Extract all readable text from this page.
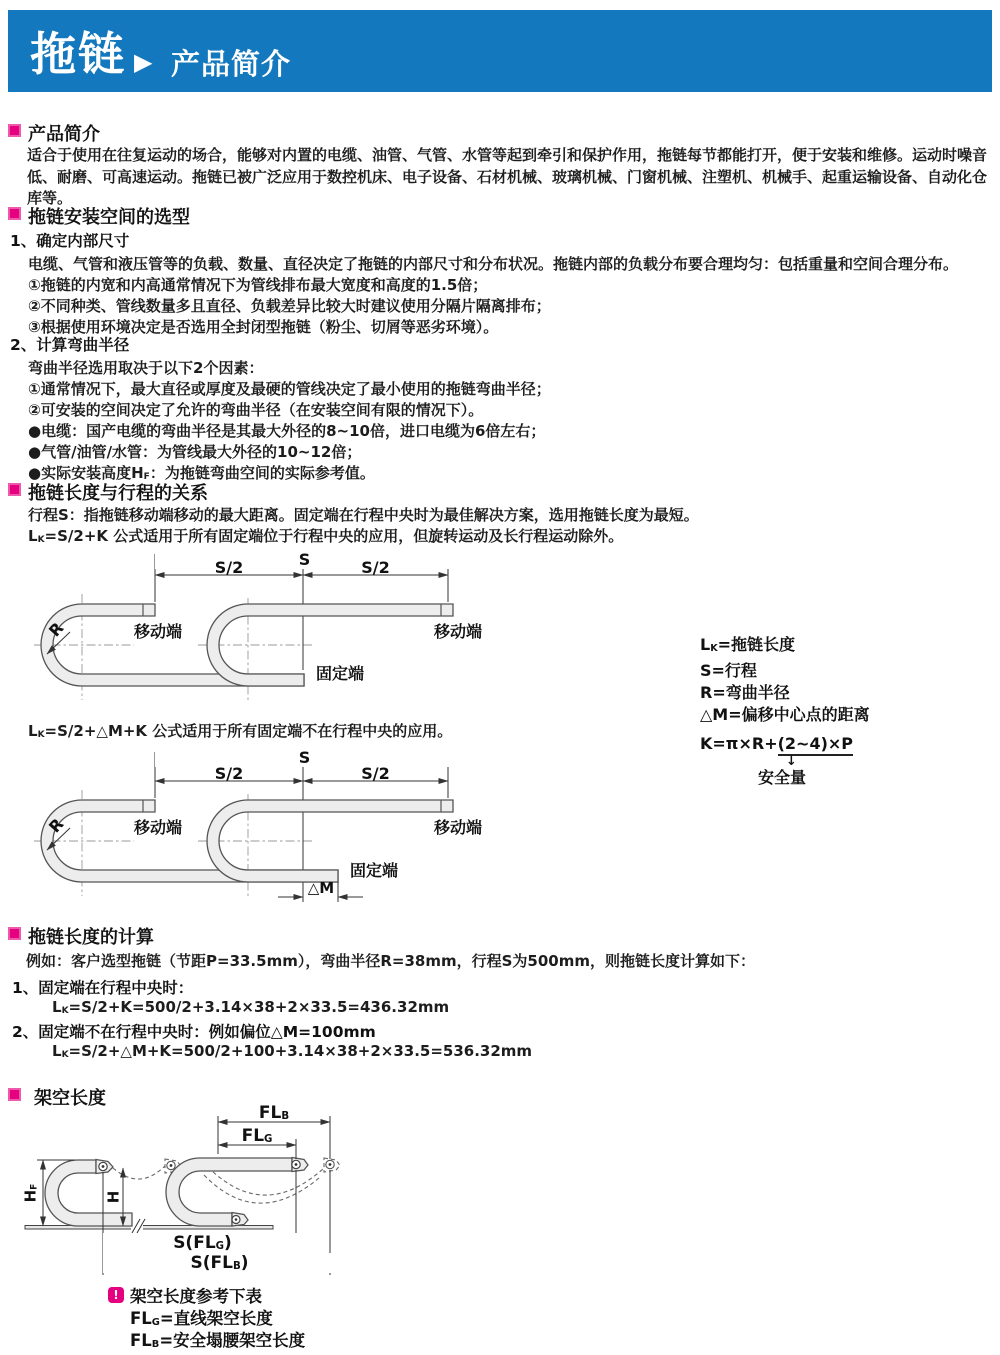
拖链 ▶ 产品简介
产品简介
适合于使用在往复运动的场合，能够对内置的电缆、油管、气管、水管等起到牵引和保护作用，拖链每节都能打开，便于安装和维修。运动时噪音低、耐磨、可高速运动。拖链已被广泛应用于数控机床、电子设备、石材机械、玻璃机械、门窗机械、注塑机、机械手、起重运输设备、自动化仓库等。
拖链安装空间的选型
1、确定内部尺寸
电缆、气管和液压管等的负载、数量、直径决定了拖链的内部尺寸和分布状况。拖链内部的负载分布要合理均匀：包括重量和空间合理分布。
①拖链的内宽和内高通常情况下为管线排布最大宽度和高度的1.5倍；
②不同种类、管线数量多且直径、负载差异比较大时建议使用分隔片隔离排布；
③根据使用环境决定是否选用全封闭型拖链（粉尘、切屑等恶劣环境）。
2、计算弯曲半径
弯曲半径选用取决于以下2个因素：
①通常情况下，最大直径或厚度及最硬的管线决定了最小使用的拖链弯曲半径；
②可安装的空间决定了允许的弯曲半径（在安装空间有限的情况下）。
●电缆：国产电缆的弯曲半径是其最大外径的8~10倍，进口电缆为6倍左右；
●气管/油管/水管：为管线最大外径的10~12倍；
●实际安装高度$H_F$：为拖链弯曲空间的实际参考值。
拖链长度与行程的关系
行程S：指拖链移动端移动的最大距离。固定端在行程中央时为最佳解决方案，选用拖链长度为最短。
$L_K=S/2+K$ 公式适用于所有固定端位于行程中央的应用，但旋转运动及长行程运动除外。
S
S/2	S/2
移动端	移动端
固定端
R
$L_K=$拖链长度
S=行程
R=弯曲半径
△M=偏移中心点的距离
K=π×R+(2~4)×P
↓
安全量
$L_K=S/2+\triangle M+K$ 公式适用于所有固定端不在行程中央的应用。
S
S/2	S/2
移动端	移动端
固定端
△M
R
拖链长度的计算
例如：客户选型拖链（节距P=33.5mm），弯曲半径R=38mm，行程S为500mm，则拖链长度计算如下：
1、固定端在行程中央时：
$L_K=S/2+K=500/2+3.14\times 38+2\times 33.5=436.32mm$
2、固定端不在行程中央时：例如偏位△M=100mm
$L_K=S/2+\triangle M+K=500/2+100+3.14\times 38+2\times 33.5=536.32mm$
架空长度
$FL_B$
$FL_G$
$H_F$
H
$S(FL_G)$
$S(FL_B)$
! 架空长度参考下表
$FL_G=$直线架空长度
$FL_B=$安全塌腰架空长度
